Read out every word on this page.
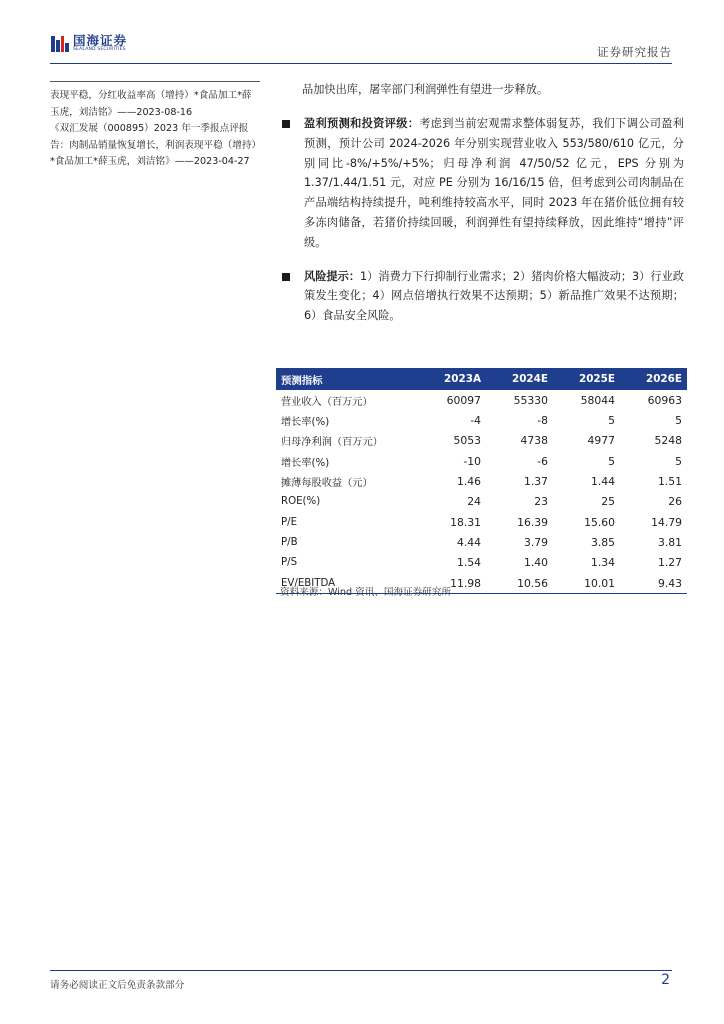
国海证券
SEALAND SECURITIES	证券研究报告

表现平稳，分红收益率高（增持）*食品加工*薛玉虎，刘洁铭》——2023-08-16

《双汇发展（000895）2023 年一季报点评报告：肉制品销量恢复增长，利润表现平稳（增持）*食品加工*薛玉虎，刘洁铭》——2023-04-27

品加快出库，屠宰部门利润弹性有望进一步释放。

盈利预测和投资评级：考虑到当前宏观需求整体弱复苏，我们下调公司盈利预测，预计公司 2024-2026 年分别实现营业收入 553/580/610 亿元，分别同比-8%/+5%/+5%；归母净利润 47/50/52 亿元，EPS 分别为 1.37/1.44/1.51 元，对应 PE 分别为 16/16/15 倍，但考虑到公司肉制品在产品端结构持续提升，吨利维持较高水平，同时 2023 年在猪价低位拥有较多冻肉储备，若猪价持续回暖，利润弹性有望持续释放，因此维持“增持”评级。
风险提示：1）消费力下行抑制行业需求；2）猪肉价格大幅波动；3）行业政策发生变化；4）网点倍增执行效果不达预期；5）新品推广效果不达预期；6）食品安全风险。
预测指标	2023A	2024E	2025E	2026E
营业收入（百万元）	60097	55330	58044	60963
增长率(%)	-4	-8	5	5
归母净利润（百万元）	5053	4738	4977	5248
增长率(%)	-10	-6	5	5
摊薄每股收益（元）	1.46	1.37	1.44	1.51
ROE(%)	24	23	25	26
P/E	18.31	16.39	15.60	14.79
P/B	4.44	3.79	3.85	3.81
P/S	1.54	1.40	1.34	1.27
EV/EBITDA	11.98	10.56	10.01	9.43
资料来源：Wind 资讯、国海证券研究所
请务必阅读正文后免责条款部分	2
